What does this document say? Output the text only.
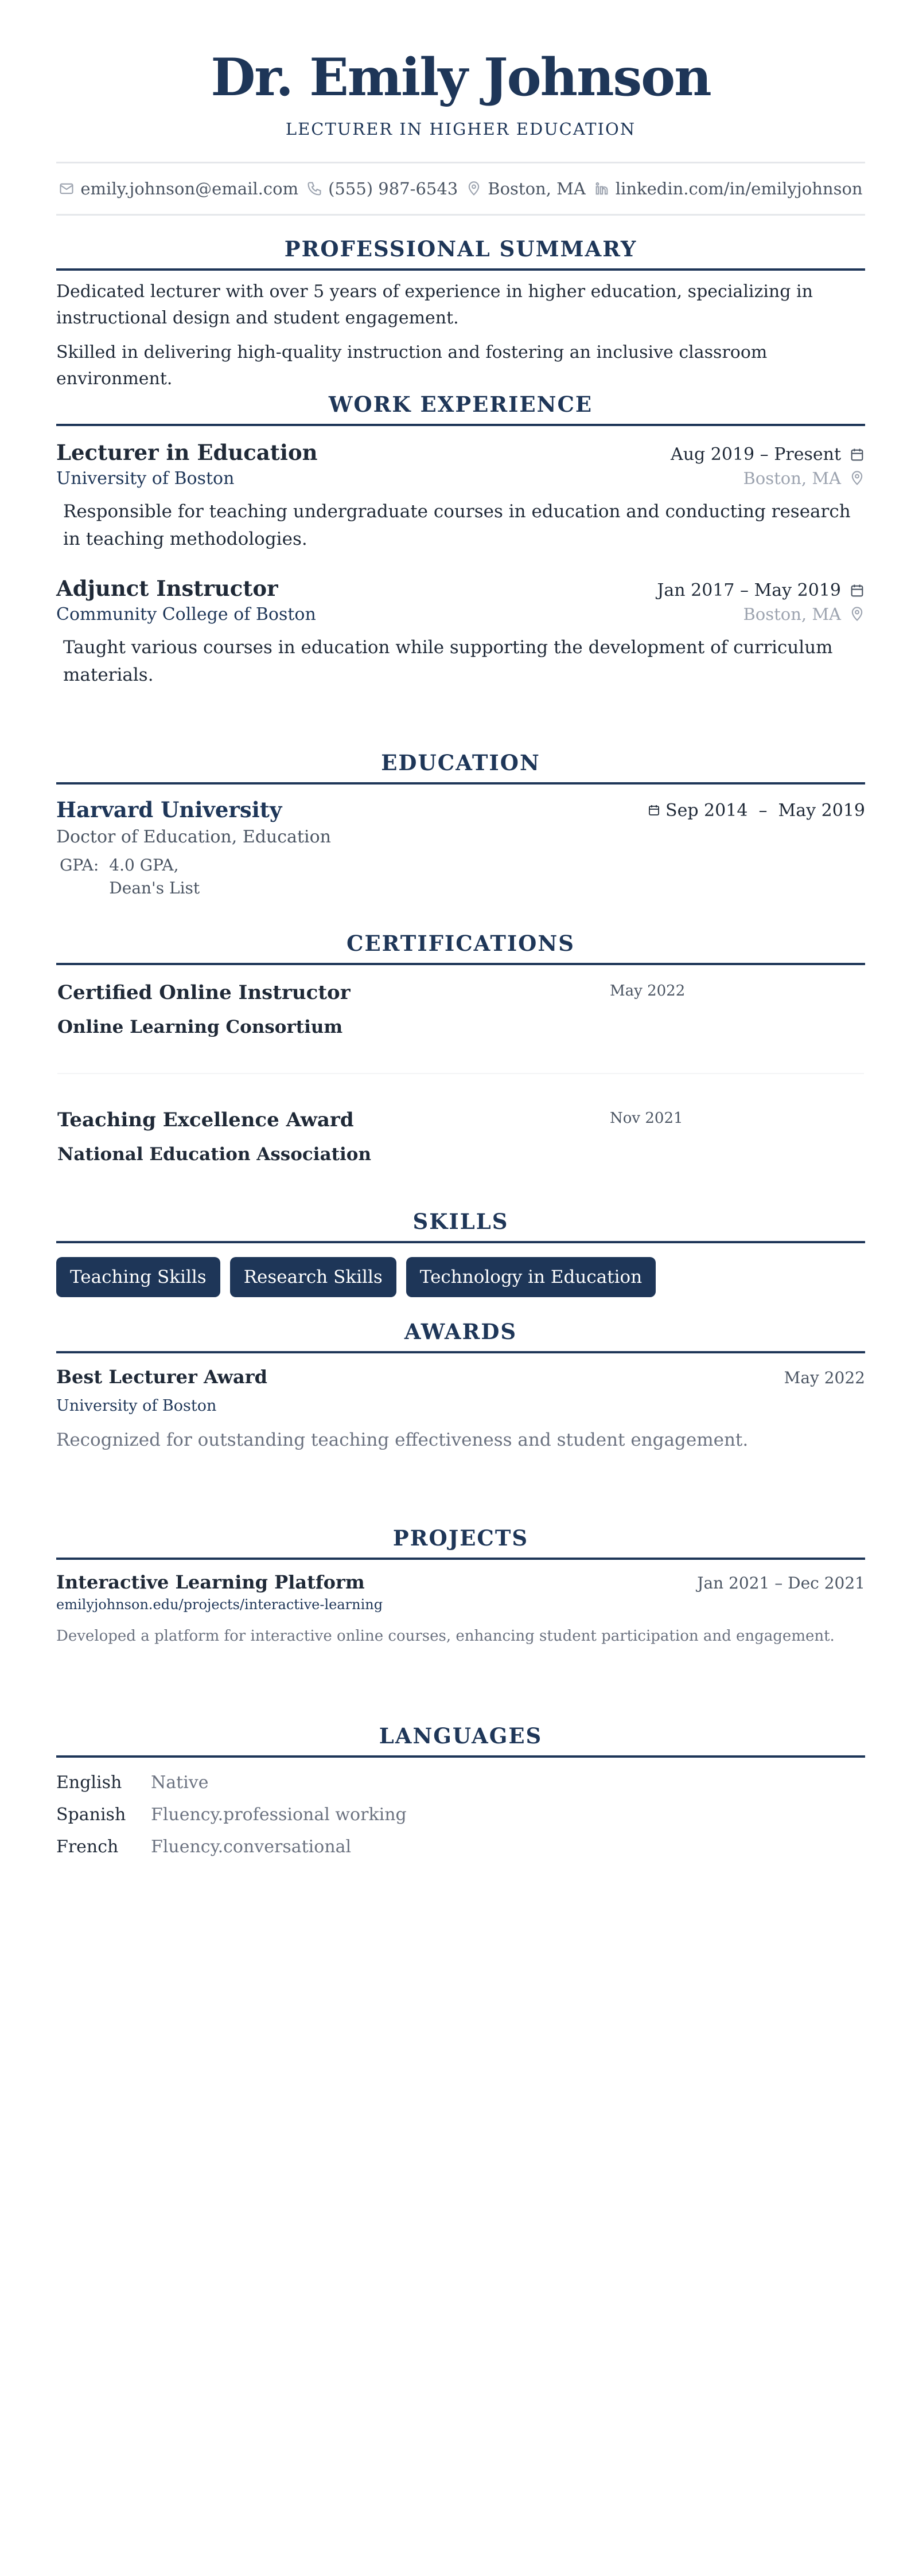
Dr. Emily Johnson
LECTURER IN HIGHER EDUCATION
emily.johnson@email.com (555) 987-6543 Boston, MA linkedin.com/in/emilyjohnson
PROFESSIONAL SUMMARY

Dedicated lecturer with over 5 years of experience in higher education, specializing in instructional design and student engagement.

Skilled in delivering high-quality instruction and fostering an inclusive classroom environment.

WORK EXPERIENCE
Lecturer in Education	Aug 2019 – Present
University of Boston	Boston, MA

Responsible for teaching undergraduate courses in education and conducting research in teaching methodologies.

Adjunct Instructor	Jan 2017 – May 2019
Community College of Boston	Boston, MA

Taught various courses in education while supporting the development of curriculum materials.

EDUCATION
Harvard University	Sep 2014  –  May 2019
Doctor of Education, Education
GPA: 4.0 GPA,
Dean's List
CERTIFICATIONS
Certified Online Instructor	May 2022
Online Learning Consortium
Teaching Excellence Award	Nov 2021
National Education Association
SKILLS
Teaching Skills	Research Skills	Technology in Education
AWARDS
Best Lecturer Award	May 2022
University of Boston
Recognized for outstanding teaching effectiveness and student engagement.
PROJECTS
Interactive Learning Platform	Jan 2021 – Dec 2021
emilyjohnson.edu/projects/interactive-learning
Developed a platform for interactive online courses, enhancing student participation and engagement.
LANGUAGES
English	Native
Spanish	Fluency.professional working
French	Fluency.conversational
